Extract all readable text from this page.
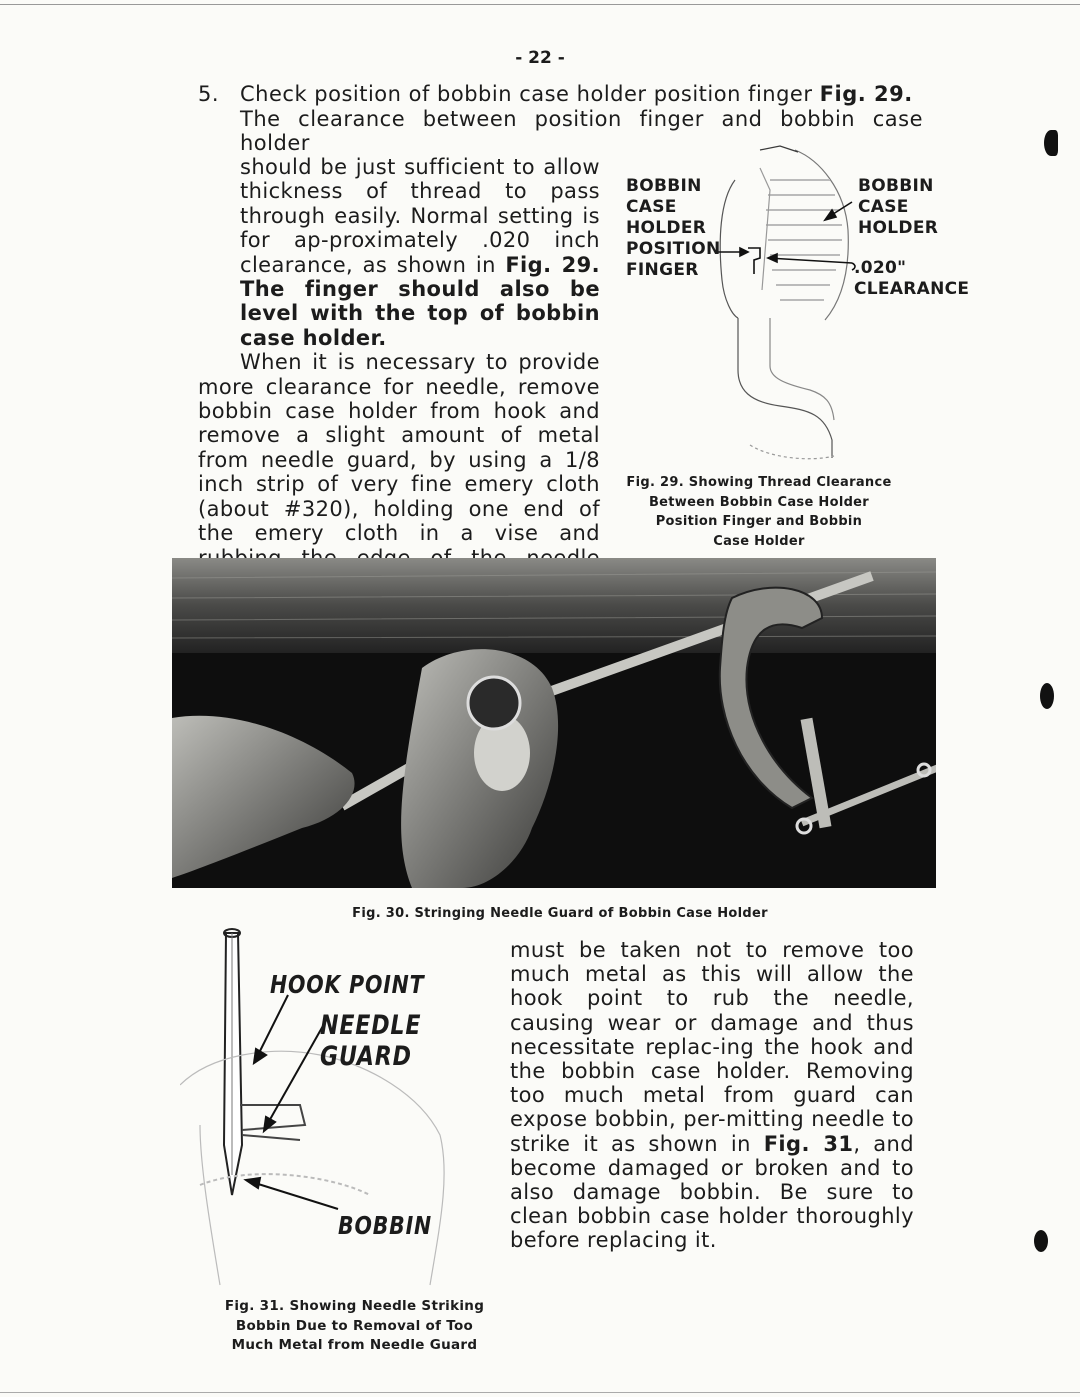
- 22 -
5. Check position of bobbin case holder position finger Fig. 29.
The clearance between position finger and bobbin case holder

should be just sufficient to allow thickness of thread to pass through easily. Normal setting is for ap-proximately .020 inch clearance, as shown in Fig. 29. The finger should also be level with the top of bobbin case holder.

When it is necessary to provide more clearance for needle, remove bobbin case holder from hook and remove a slight amount of metal from needle guard, by using a 1/8 inch strip of very fine emery cloth (about #320), holding one end of the emery cloth in a vise and

BOBBIN
CASE
HOLDER
POSITION
FINGER
BOBBIN
CASE
HOLDER
.020"
CLEARANCE
Fig. 29. Showing Thread Clearance
Between Bobbin Case Holder
Position Finger and Bobbin
Case Holder
Fig. 30. Stringing Needle Guard of Bobbin Case Holder
HOOK POINT
NEEDLE GUARD
BOBBIN
Fig. 31. Showing Needle Striking
Bobbin Due to Removal of Too
Much Metal from Needle Guard
must be taken not to remove too much metal as this will allow the hook point to rub the needle, causing wear or damage and thus necessitate replac-ing the hook and the bobbin case holder. Removing too much metal from guard can expose bobbin, per-mitting needle to strike it as shown in Fig. 31, and become damaged or broken and to also damage bobbin. Be sure to clean bobbin case holder thoroughly before replacing it.
